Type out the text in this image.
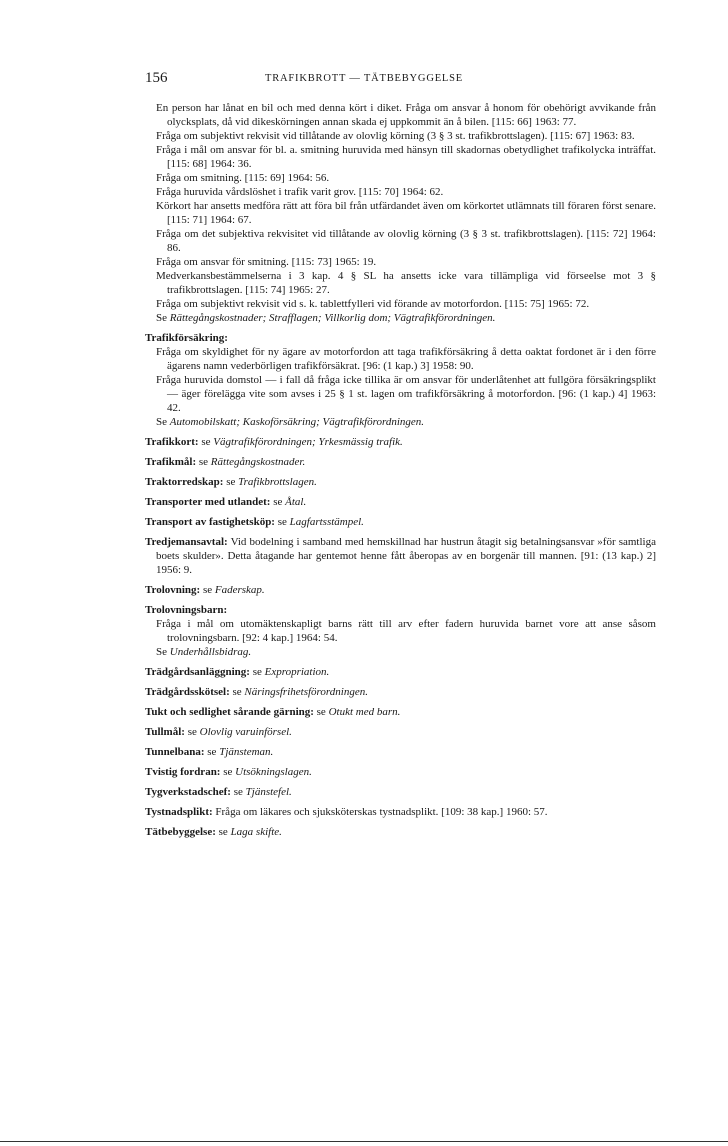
156	TRAFIKBROTT — TÄTBEBYGGELSE

En person har lånat en bil och med denna kört i diket. Fråga om ansvar å honom för obehörigt avvikande från olycksplats, då vid dikeskörningen annan skada ej uppkommit än å bilen. [115: 66] 1963: 77.

Fråga om subjektivt rekvisit vid tillåtande av olovlig körning (3 § 3 st. trafikbrottslagen). [115: 67] 1963: 83.

Fråga i mål om ansvar för bl. a. smitning huruvida med hänsyn till skadornas obetydlighet trafikolycka inträffat. [115: 68] 1964: 36.

Fråga om smitning. [115: 69] 1964: 56.

Fråga huruvida vårdslöshet i trafik varit grov. [115: 70] 1964: 62.

Körkort har ansetts medföra rätt att föra bil från utfärdandet även om körkortet utlämnats till föraren först senare. [115: 71] 1964: 67.

Fråga om det subjektiva rekvisitet vid tillåtande av olovlig körning (3 § 3 st. trafikbrottslagen). [115: 72] 1964: 86.

Fråga om ansvar för smitning. [115: 73] 1965: 19.

Medverkansbestämmelserna i 3 kap. 4 § SL ha ansetts icke vara tillämpliga vid förseelse mot 3 § trafikbrottslagen. [115: 74] 1965: 27.

Fråga om subjektivt rekvisit vid s. k. tablettfylleri vid förande av motorfordon. [115: 75] 1965: 72.

Se Rättegångskostnader; Strafflagen; Villkorlig dom; Vägtrafikförordningen.

Trafikförsäkring:

Fråga om skyldighet för ny ägare av motorfordon att taga trafikförsäkring å detta oaktat fordonet är i den förre ägarens namn vederbörligen trafikförsäkrat. [96: (1 kap.) 3] 1958: 90.

Fråga huruvida domstol — i fall då fråga icke tillika är om ansvar för underlåtenhet att fullgöra försäkringsplikt — äger förelägga vite som avses i 25 § 1 st. lagen om trafikförsäkring å motorfordon. [96: (1 kap.) 4] 1963: 42.

Se Automobilskatt; Kaskoförsäkring; Vägtrafikförordningen.

Trafikkort: se Vägtrafikförordningen; Yrkesmässig trafik.

Trafikmål: se Rättegångskostnader.

Traktorredskap: se Trafikbrottslagen.

Transporter med utlandet: se Åtal.

Transport av fastighetsköp: se Lagfartsstämpel.

Tredjemansavtal: Vid bodelning i samband med hemskillnad har hustrun åtagit sig betalningsansvar »för samtliga boets skulder». Detta åtagande har gentemot henne fått åberopas av en borgenär till mannen. [91: (13 kap.) 2] 1956: 9.

Trolovning: se Faderskap.

Trolovningsbarn:

Fråga i mål om utomäktenskapligt barns rätt till arv efter fadern huruvida barnet vore att anse såsom trolovningsbarn. [92: 4 kap.] 1964: 54.

Se Underhållsbidrag.

Trädgårdsanläggning: se Expropriation.

Trädgårdsskötsel: se Näringsfrihetsförordningen.

Tukt och sedlighet sårande gärning: se Otukt med barn.

Tullmål: se Olovlig varuinförsel.

Tunnelbana: se Tjänsteman.

Tvistig fordran: se Utsökningslagen.

Tygverkstadschef: se Tjänstefel.

Tystnadsplikt: Fråga om läkares och sjuksköterskas tystnadsplikt. [109: 38 kap.] 1960: 57.

Tätbebyggelse: se Laga skifte.
